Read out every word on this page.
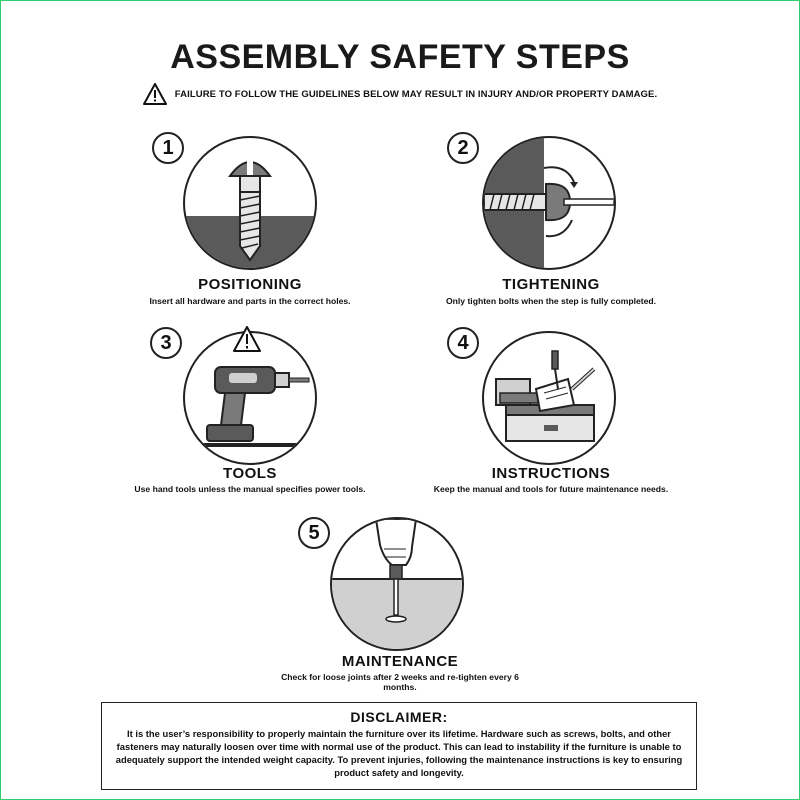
ASSEMBLY SAFETY STEPS
FAILURE TO FOLLOW THE GUIDELINES BELOW MAY RESULT IN INJURY AND/OR PROPERTY DAMAGE.
1
POSITIONING
Insert all hardware and parts in the correct holes.
2
TIGHTENING
Only tighten bolts when the step is fully completed.
3
TOOLS
Use hand tools unless the manual specifies power tools.
4
INSTRUCTIONS
Keep the manual and tools for future maintenance needs.
5
MAINTENANCE
Check for loose joints after 2 weeks and re-tighten every 6 months.
DISCLAIMER:
It is the user’s responsibility to properly maintain the furniture over its lifetime. Hardware such as screws, bolts, and other fasteners may naturally loosen over time with normal use of the product. This can lead to instability if the furniture is unable to adequately support the intended weight capacity. To prevent injuries, following the maintenance instructions is key to ensuring product safety and longevity.
